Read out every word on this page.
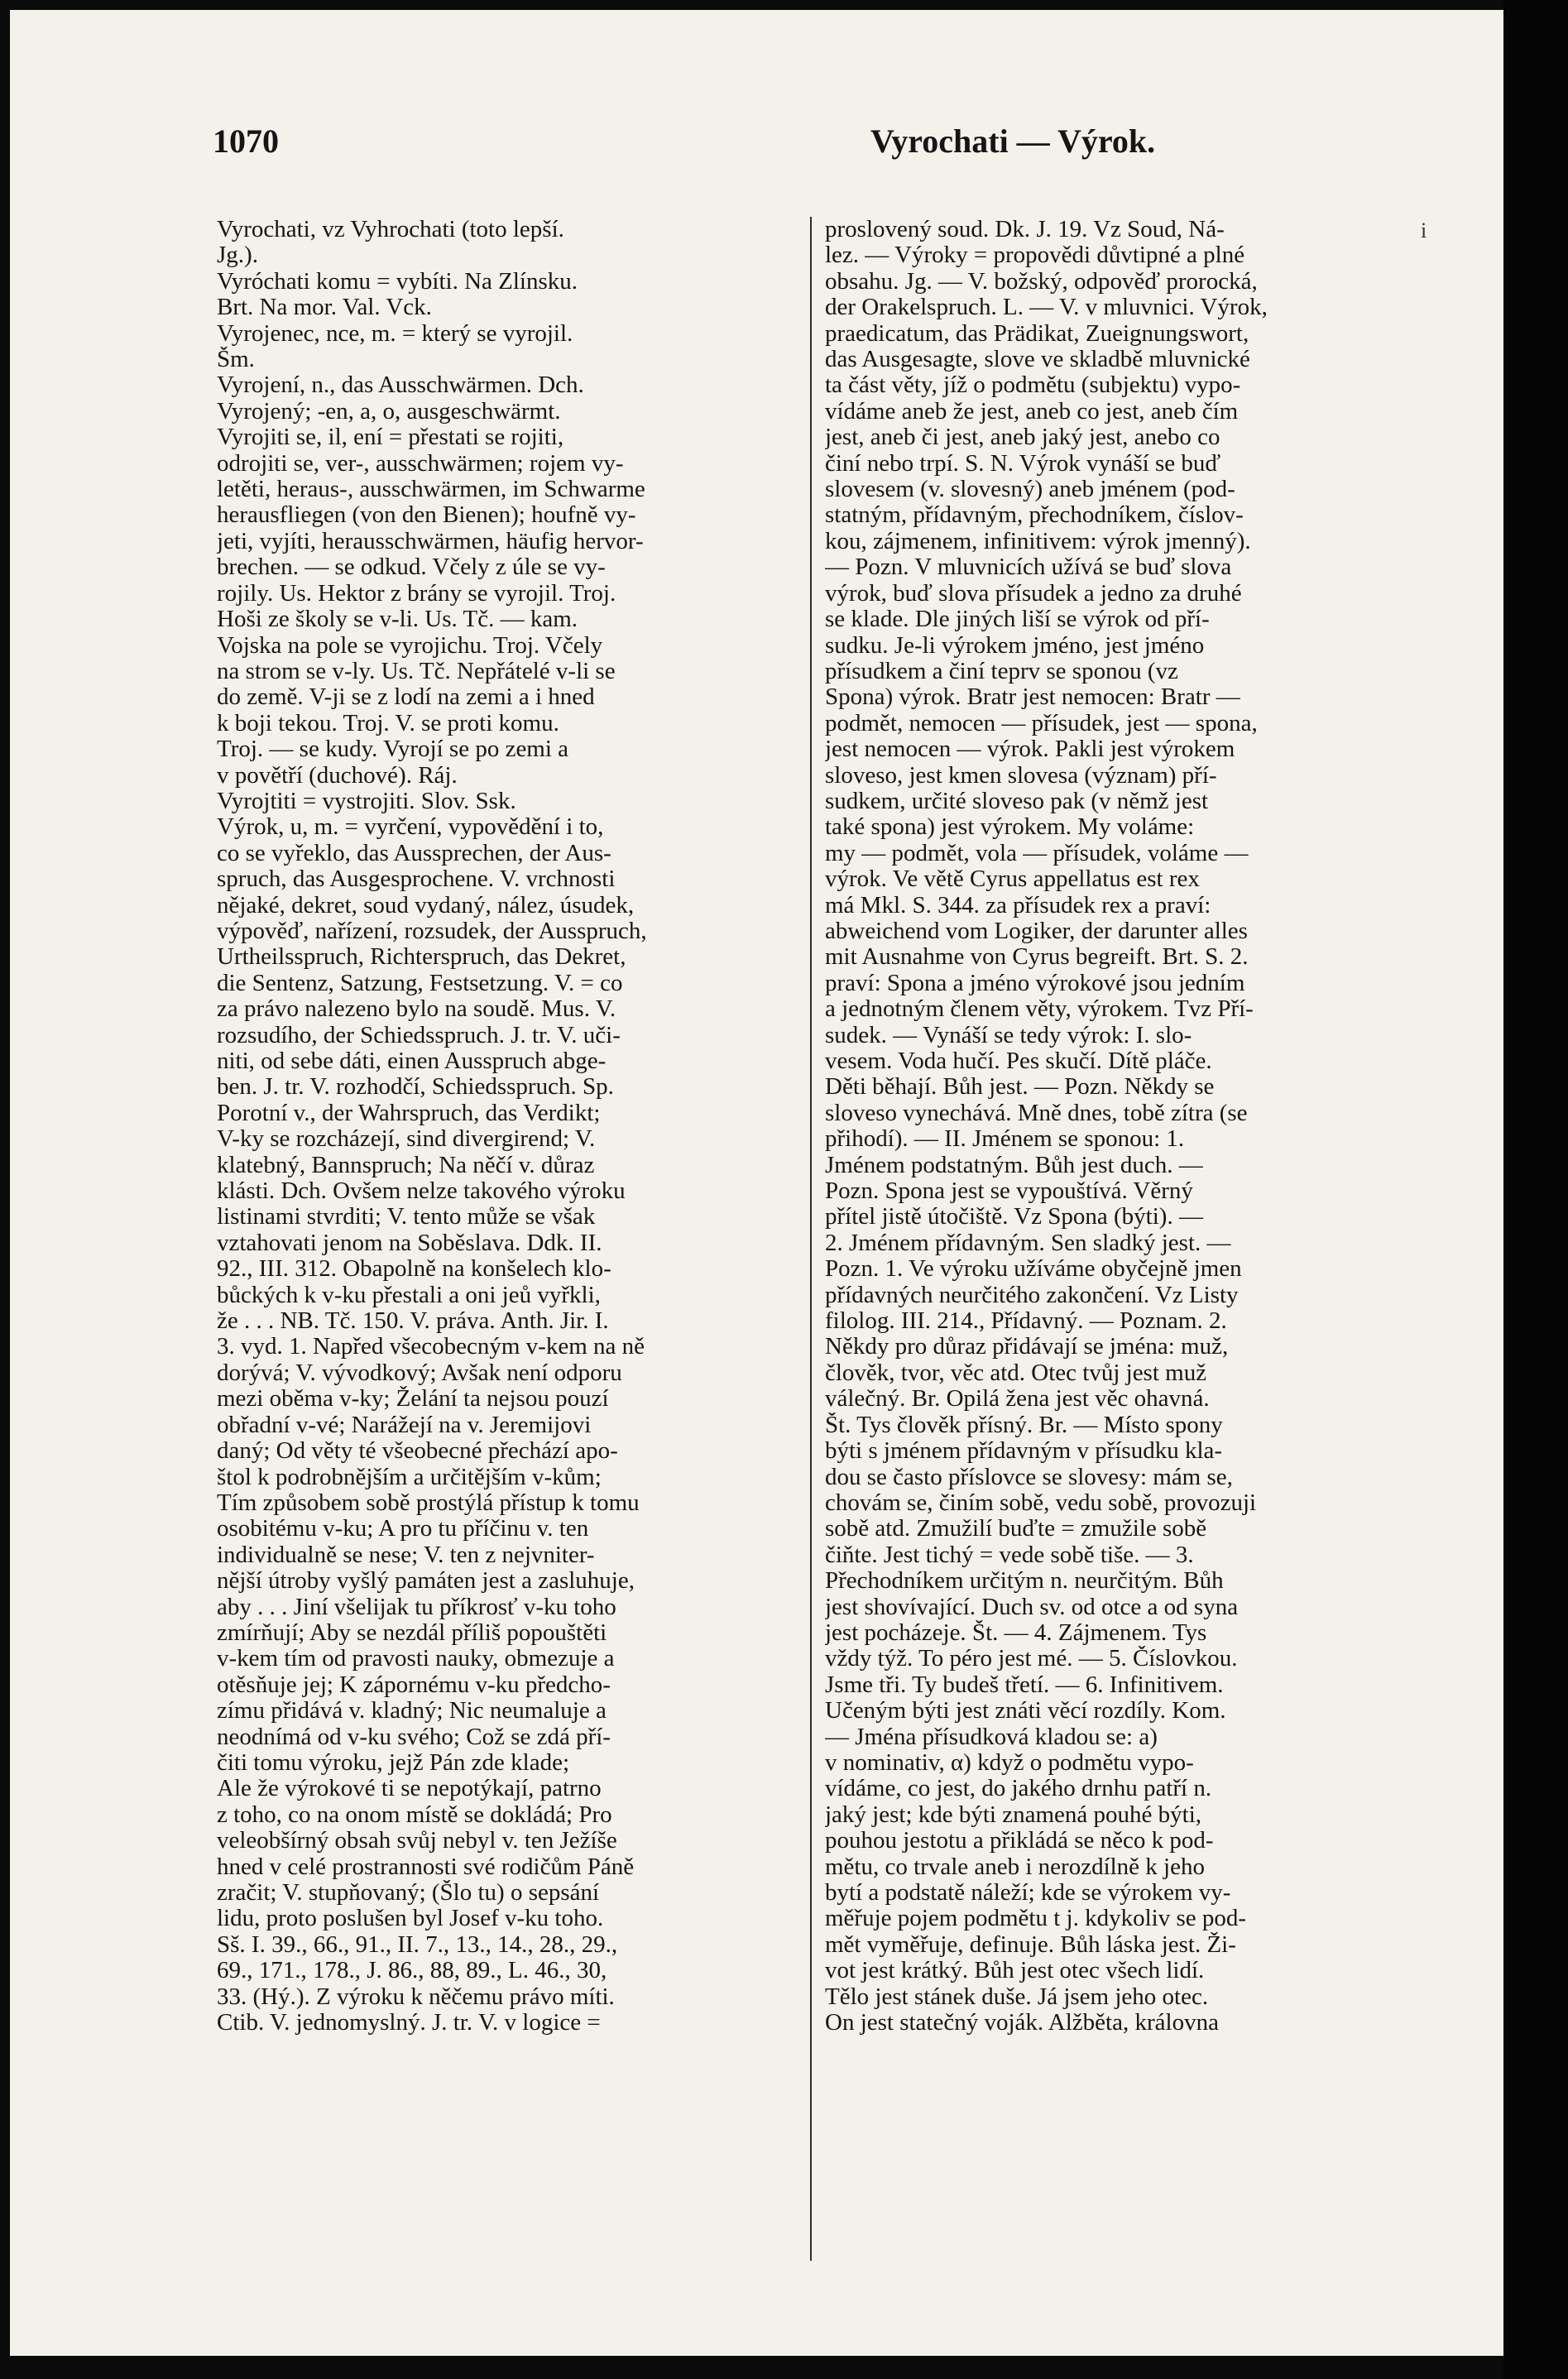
1070	Vyrochati — Výrok.
i
Vyrochati, vz Vyhrochati (toto lepší.
Jg.).
Vyróchati komu = vybíti. Na Zlínsku.
Brt. Na mor. Val. Vck.
Vyrojenec, nce, m. = který se vyrojil.
Šm.
Vyrojení, n., das Ausschwärmen. Dch.
Vyrojený; -en, a, o, ausgeschwärmt.
Vyrojiti se, il, ení = přestati se rojiti,
odrojiti se, ver-, ausschwärmen; rojem vy-
letěti, heraus-, ausschwärmen, im Schwarme
herausfliegen (von den Bienen); houfně vy-
jeti, vyjíti, herausschwärmen, häufig hervor-
brechen. — se odkud. Včely z úle se vy-
rojily. Us. Hektor z brány se vyrojil. Troj.
Hoši ze školy se v-li. Us. Tč. — kam.
Vojska na pole se vyrojichu. Troj. Včely
na strom se v-ly. Us. Tč. Nepřátelé v-li se
do země. V-ji se z lodí na zemi a i hned
k boji tekou. Troj. V. se proti komu.
Troj. — se kudy. Vyrojí se po zemi a
v povětří (duchové). Ráj.
Vyrojtiti = vystrojiti. Slov. Ssk.
Výrok, u, m. = vyrčení, vypovědění i to,
co se vyřeklo, das Aussprechen, der Aus-
spruch, das Ausgesprochene. V. vrchnosti
nějaké, dekret, soud vydaný, nález, úsudek,
výpověď, nařízení, rozsudek, der Ausspruch,
Urtheilsspruch, Richterspruch, das Dekret,
die Sentenz, Satzung, Festsetzung. V. = co
za právo nalezeno bylo na soudě. Mus. V.
rozsudího, der Schiedsspruch. J. tr. V. uči-
niti, od sebe dáti, einen Ausspruch abge-
ben. J. tr. V. rozhodčí, Schiedsspruch. Sp.
Porotní v., der Wahrspruch, das Verdikt;
V-ky se rozcházejí, sind divergirend; V.
klatebný, Bannspruch; Na něčí v. důraz
klásti. Dch. Ovšem nelze takového výroku
listinami stvrditi; V. tento může se však
vztahovati jenom na Soběslava. Ddk. II.
92., III. 312. Obapolně na konšelech klo-
bůckých k v-ku přestali a oni jeů vyřkli,
že . . . NB. Tč. 150. V. práva. Anth. Jir. I.
3. vyd. 1. Napřed všecobecným v-kem na ně
dorývá; V. vývodkový; Avšak není odporu
mezi oběma v-ky; Želání ta nejsou pouzí
obřadní v-vé; Narážejí na v. Jeremijovi
daný; Od věty té všeobecné přechází apo-
štol k podrobnějším a určitějším v-kům;
Tím způsobem sobě prostýlá přístup k tomu
osobitému v-ku; A pro tu příčinu v. ten
individualně se nese; V. ten z nejvniter-
nější útroby vyšlý památen jest a zasluhuje,
aby . . . Jiní všelijak tu příkrosť v-ku toho
zmírňují; Aby se nezdál příliš popouštěti
v-kem tím od pravosti nauky, obmezuje a
otěsňuje jej; K zápornému v-ku předcho-
zímu přidává v. kladný; Nic neumaluje a
neodnímá od v-ku svého; Což se zdá pří-
čiti tomu výroku, jejž Pán zde klade;
Ale že výrokové ti se nepotýkají, patrno
z toho, co na onom místě se dokládá; Pro
veleobšírný obsah svůj nebyl v. ten Ježíše
hned v celé prostrannosti své rodičům Páně
zračit; V. stupňovaný; (Šlo tu) o sepsání
lidu, proto poslušen byl Josef v-ku toho.
Sš. I. 39., 66., 91., II. 7., 13., 14., 28., 29.,
69., 171., 178., J. 86., 88, 89., L. 46., 30,
33. (Hý.). Z výroku k něčemu právo míti.
Ctib. V. jednomyslný. J. tr. V. v logice =
proslovený soud. Dk. J. 19. Vz Soud, Ná-
lez. — Výroky = propovědi důvtipné a plné
obsahu. Jg. — V. božský, odpověď prorocká,
der Orakelspruch. L. — V. v mluvnici. Výrok,
praedicatum, das Prädikat, Zueignungswort,
das Ausgesagte, slove ve skladbě mluvnické
ta část věty, jíž o podmětu (subjektu) vypo-
vídáme aneb že jest, aneb co jest, aneb čím
jest, aneb či jest, aneb jaký jest, anebo co
činí nebo trpí. S. N. Výrok vynáší se buď
slovesem (v. slovesný) aneb jménem (pod-
statným, přídavným, přechodníkem, číslov-
kou, zájmenem, infinitivem: výrok jmenný).
— Pozn. V mluvnicích užívá se buď slova
výrok, buď slova přísudek a jedno za druhé
se klade. Dle jiných liší se výrok od pří-
sudku. Je-li výrokem jméno, jest jméno
přísudkem a činí teprv se sponou (vz
Spona) výrok. Bratr jest nemocen: Bratr —
podmět, nemocen — přísudek, jest — spona,
jest nemocen — výrok. Pakli jest výrokem
sloveso, jest kmen slovesa (význam) pří-
sudkem, určité sloveso pak (v němž jest
také spona) jest výrokem. My voláme:
my — podmět, vola — přísudek, voláme —
výrok. Ve větě Cyrus appellatus est rex
má Mkl. S. 344. za přísudek rex a praví:
abweichend vom Logiker, der darunter alles
mit Ausnahme von Cyrus begreift. Brt. S. 2.
praví: Spona a jméno výrokové jsou jedním
a jednotným členem věty, výrokem. Tvz Pří-
sudek. — Vynáší se tedy výrok: I. slo-
vesem. Voda hučí. Pes skučí. Dítě pláče.
Děti běhají. Bůh jest. — Pozn. Někdy se
sloveso vynechává. Mně dnes, tobě zítra (se
přihodí). — II. Jménem se sponou: 1.
Jménem podstatným. Bůh jest duch. —
Pozn. Spona jest se vypouštívá. Věrný
přítel jistě útočiště. Vz Spona (býti). —
2. Jménem přídavným. Sen sladký jest. —
Pozn. 1. Ve výroku užíváme obyčejně jmen
přídavných neurčitého zakončení. Vz Listy
filolog. III. 214., Přídavný. — Poznam. 2.
Někdy pro důraz přidávají se jména: muž,
člověk, tvor, věc atd. Otec tvůj jest muž
válečný. Br. Opilá žena jest věc ohavná.
Št. Tys člověk přísný. Br. — Místo spony
býti s jménem přídavným v přísudku kla-
dou se často příslovce se slovesy: mám se,
chovám se, činím sobě, vedu sobě, provozuji
sobě atd. Zmužilí buďte = zmužile sobě
čiňte. Jest tichý = vede sobě tiše. — 3.
Přechodníkem určitým n. neurčitým. Bůh
jest shovívající. Duch sv. od otce a od syna
jest pocházeje. Št. — 4. Zájmenem. Tys
vždy týž. To péro jest mé. — 5. Číslovkou.
Jsme tři. Ty budeš třetí. — 6. Infinitivem.
Učeným býti jest znáti věcí rozdíly. Kom.
— Jména přísudková kladou se: a)
v nominativ, α) když o podmětu vypo-
vídáme, co jest, do jakého drnhu patří n.
jaký jest; kde býti znamená pouhé býti,
pouhou jestotu a přikládá se něco k pod-
mětu, co trvale aneb i nerozdílně k jeho
bytí a podstatě náleží; kde se výrokem vy-
měřuje pojem podmětu t j. kdykoliv se pod-
mět vyměřuje, definuje. Bůh láska jest. Ži-
vot jest krátký. Bůh jest otec všech lidí.
Tělo jest stánek duše. Já jsem jeho otec.
On jest statečný voják. Alžběta, královna
